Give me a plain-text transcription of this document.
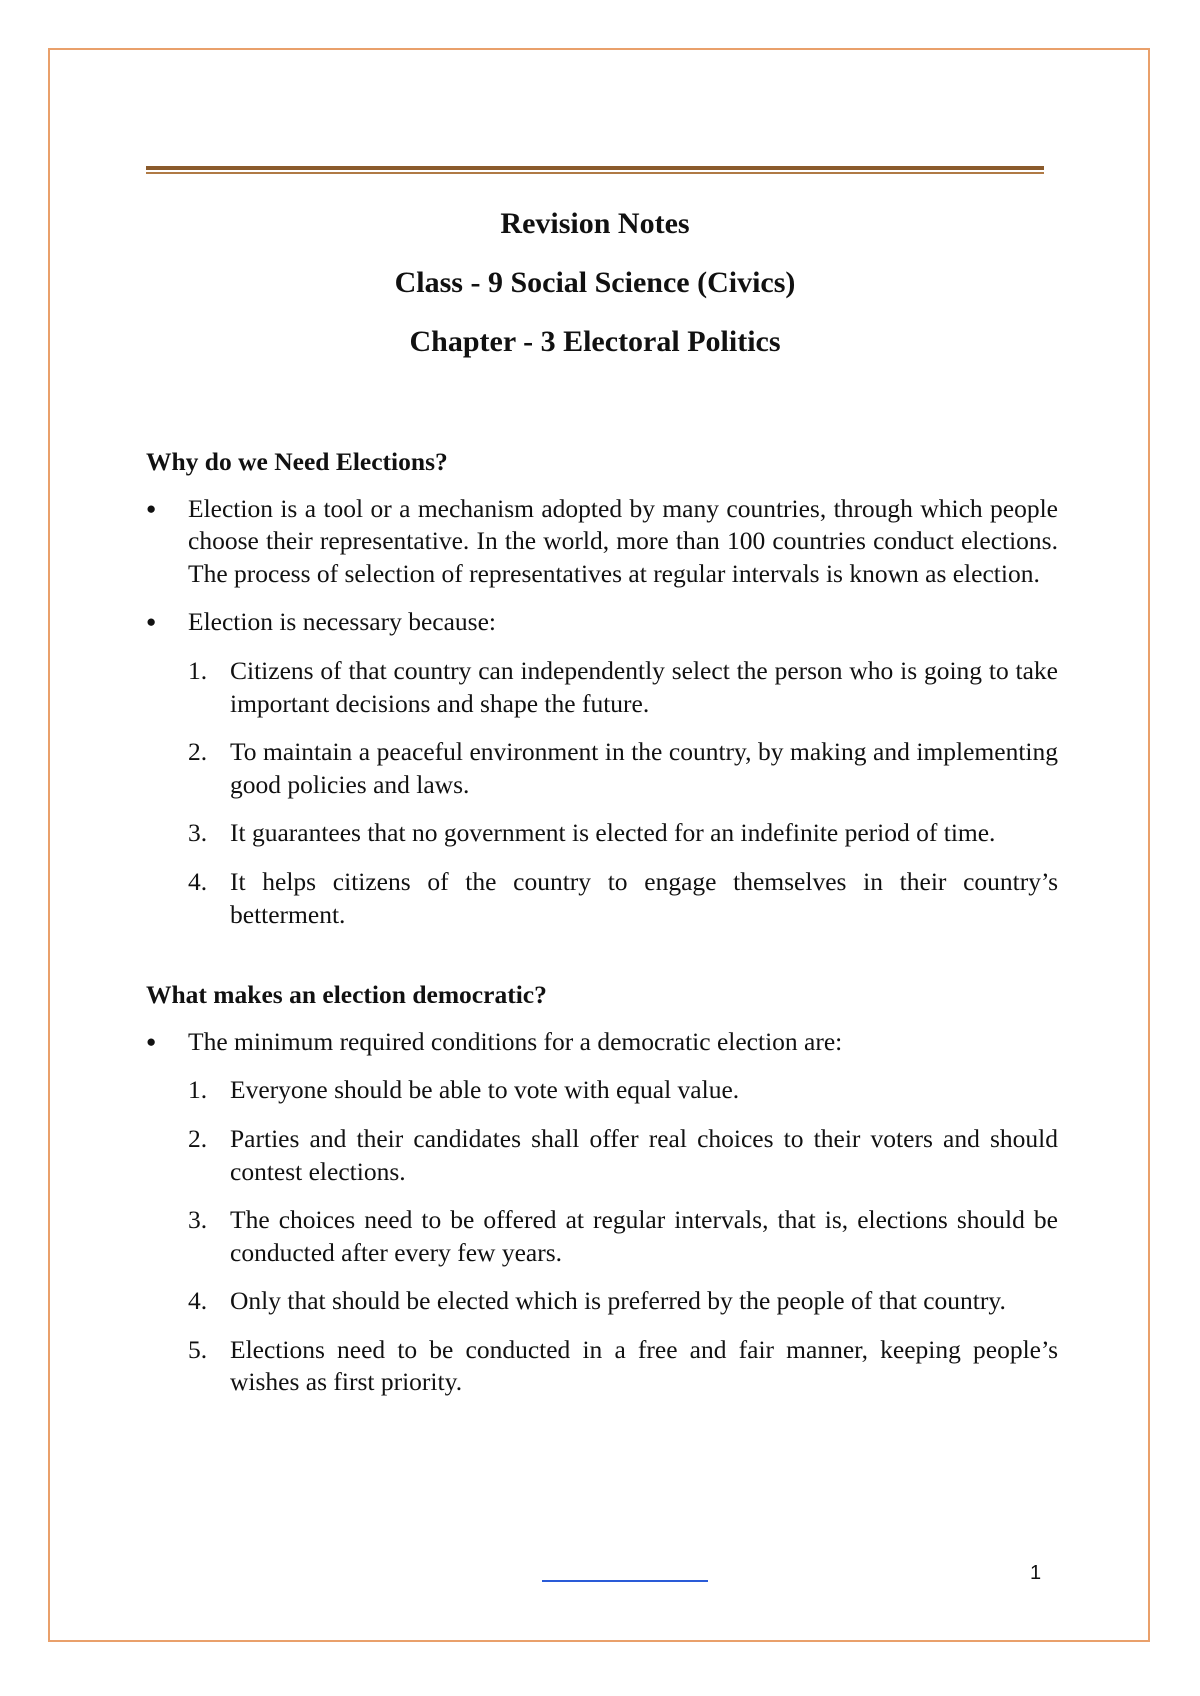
Revision Notes
Class - 9 Social Science (Civics)
Chapter - 3 Electoral Politics
Why do we Need Elections?
●	Election is a tool or a mechanism adopted by many countries, through which people choose their representative. In the world, more than 100 countries conduct elections. The process of selection of representatives at regular intervals is known as election.
●	Election is necessary because:
1. Citizens of that country can independently select the person who is going to take important decisions and shape the future.
2. To maintain a peaceful environment in the country, by making and implementing good policies and laws.
3. It guarantees that no government is elected for an indefinite period of time.
4. It helps citizens of the country to engage themselves in their country’s betterment.
What makes an election democratic?
●	The minimum required conditions for a democratic election are:
1. Everyone should be able to vote with equal value.
2. Parties and their candidates shall offer real choices to their voters and should contest elections.
3. The choices need to be offered at regular intervals, that is, elections should be conducted after every few years.
4. Only that should be elected which is preferred by the people of that country.
5. Elections need to be conducted in a free and fair manner, keeping people’s wishes as first priority.
1
